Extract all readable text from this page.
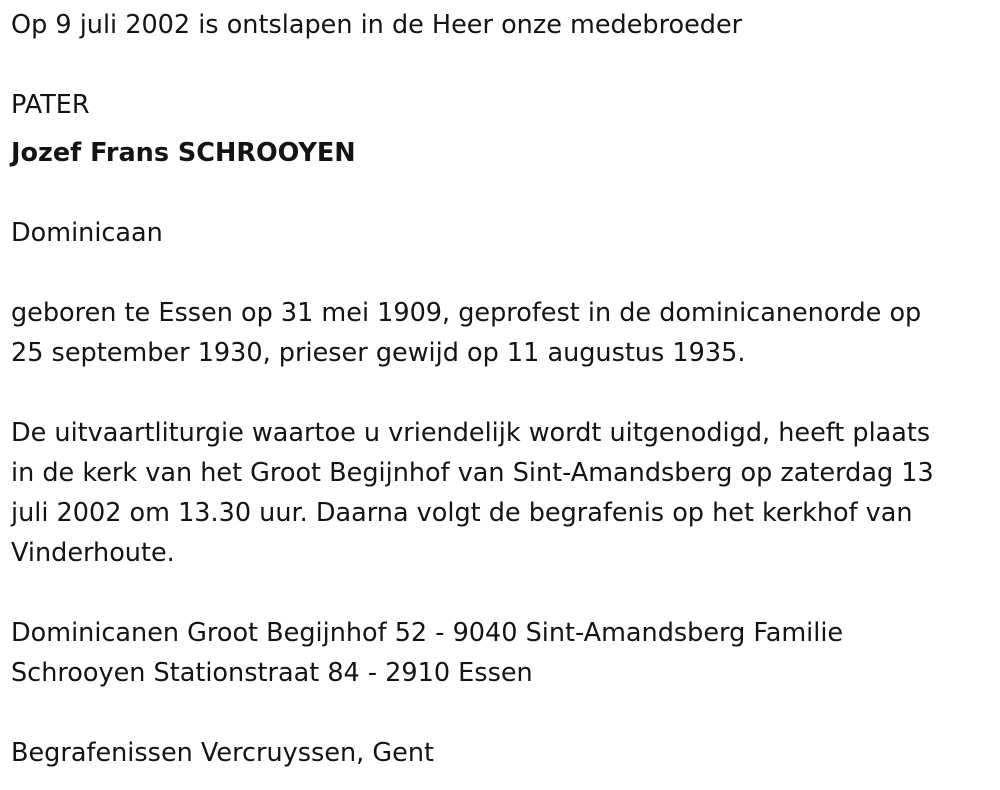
Op 9 juli 2002 is ontslapen in de Heer onze medebroeder

PATER

Jozef Frans SCHROOYEN

Dominicaan

geboren te Essen op 31 mei 1909, geprofest in de dominicanenorde op
25 september 1930, prieser gewijd op 11 augustus 1935.

De uitvaartliturgie waartoe u vriendelijk wordt uitgenodigd, heeft plaats
in de kerk van het Groot Begijnhof van Sint-Amandsberg op zaterdag 13
juli 2002 om 13.30 uur. Daarna volgt de begrafenis op het kerkhof van
Vinderhoute.

Dominicanen Groot Begijnhof 52 - 9040 Sint-Amandsberg Familie
Schrooyen Stationstraat 84 - 2910 Essen

Begrafenissen Vercruyssen, Gent
